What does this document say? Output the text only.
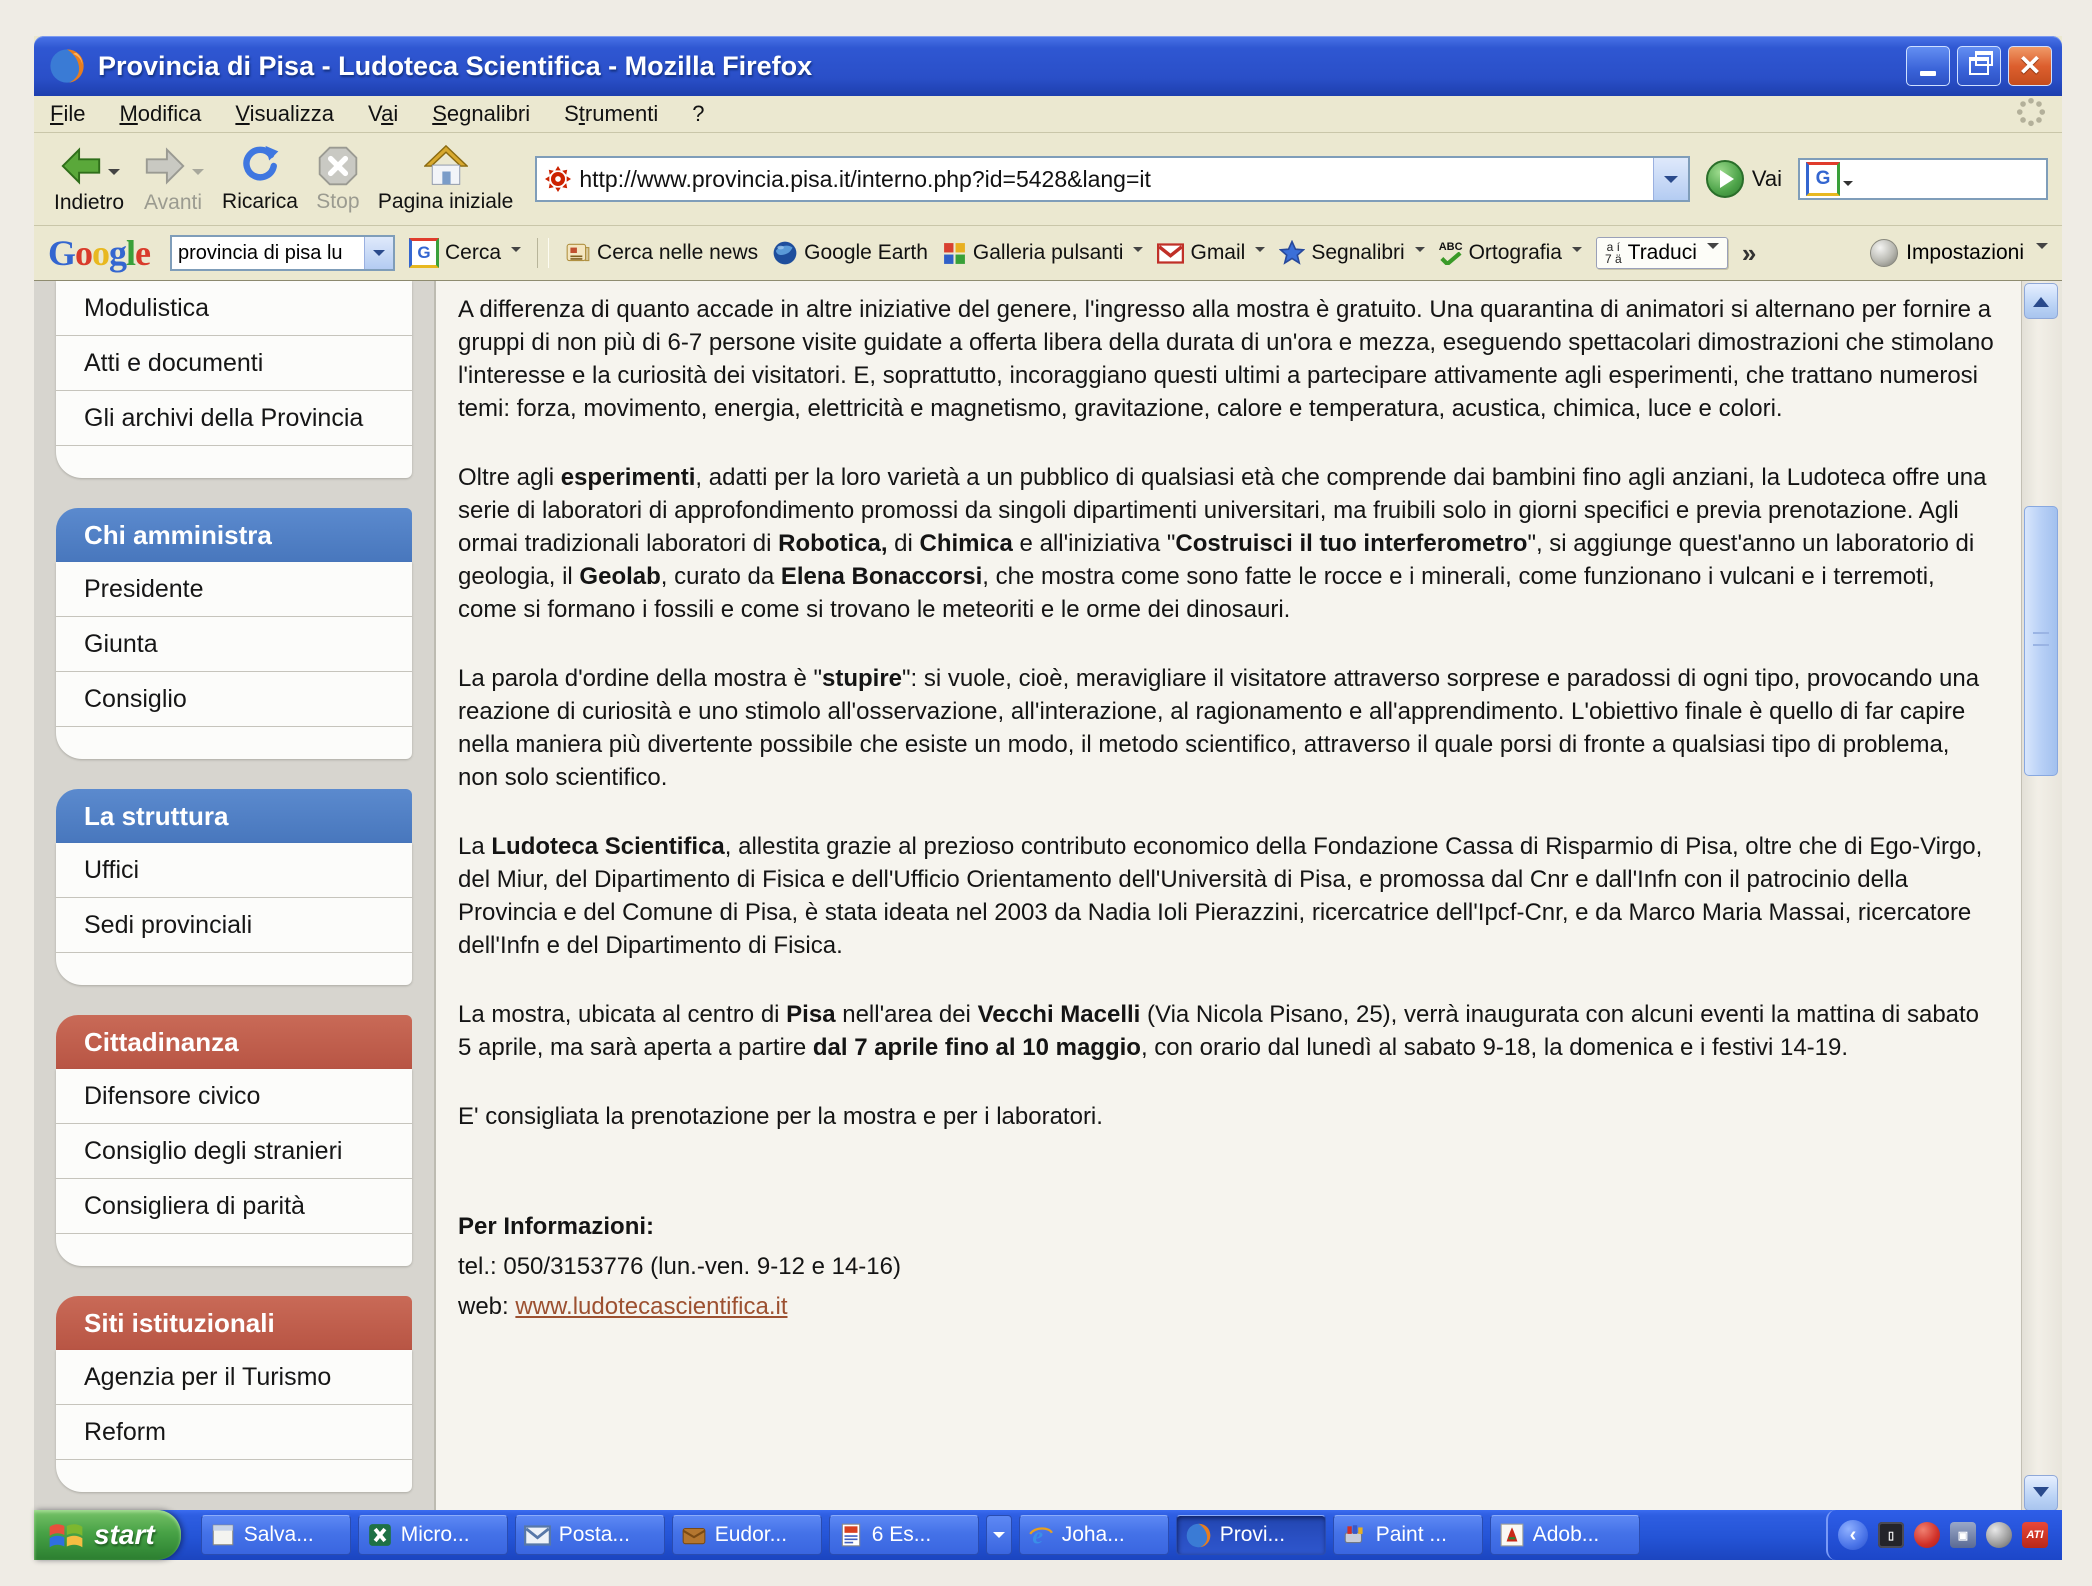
Provincia di Pisa - Ludoteca Scientifica - Mozilla Firefox	✕
File Modifica Visualizza Vai Segnalibri Strumenti ?
Indietro Avanti Ricarica Stop Pagina iniziale
http://www.provincia.pisa.it/interno.php?id=5428&lang=it	Vai	G
Google	provincia di pisa lu	G Cerca	Cerca nelle news Google Earth Galleria pulsanti	Gmail	Segnalibri	ABC Ortografia	a í
7 ä Traduci »	Impostazioni
Modulistica
Atti e documenti
Gli archivi della Provincia
Chi amministra
Presidente
Giunta
Consiglio
La struttura
Uffici
Sedi provinciali
Cittadinanza
Difensore civico
Consiglio degli stranieri
Consigliera di parità
Siti istituzionali
Agenzia per il Turismo
Reform

A differenza di quanto accade in altre iniziative del genere, l'ingresso alla mostra è gratuito. Una quarantina di animatori si alternano per fornire a gruppi di non più di 6-7 persone visite guidate a offerta libera della durata di un'ora e mezza, eseguendo spettacolari dimostrazioni che stimolano l'interesse e la curiosità dei visitatori. E, soprattutto, incoraggiano questi ultimi a partecipare attivamente agli esperimenti, che trattano numerosi temi: forza, movimento, energia, elettricità e magnetismo, gravitazione, calore e temperatura, acustica, chimica, luce e colori.

Oltre agli esperimenti, adatti per la loro varietà a un pubblico di qualsiasi età che comprende dai bambini fino agli anziani, la Ludoteca offre una serie di laboratori di approfondimento promossi da singoli dipartimenti universitari, ma fruibili solo in giorni specifici e previa prenotazione. Agli ormai tradizionali laboratori di Robotica, di Chimica e all'iniziativa "Costruisci il tuo interferometro", si aggiunge quest'anno un laboratorio di geologia, il Geolab, curato da Elena Bonaccorsi, che mostra come sono fatte le rocce e i minerali, come funzionano i vulcani e i terremoti, come si formano i fossili e come si trovano le meteoriti e le orme dei dinosauri.

La parola d'ordine della mostra è "stupire": si vuole, cioè, meravigliare il visitatore attraverso sorprese e paradossi di ogni tipo, provocando una reazione di curiosità e uno stimolo all'osservazione, all'interazione, al ragionamento e all'apprendimento. L'obiettivo finale è quello di far capire nella maniera più divertente possibile che esiste un modo, il metodo scientifico, attraverso il quale porsi di fronte a qualsiasi tipo di problema, non solo scientifico.

La Ludoteca Scientifica, allestita grazie al prezioso contributo economico della Fondazione Cassa di Risparmio di Pisa, oltre che di Ego-Virgo, del Miur, del Dipartimento di Fisica e dell'Ufficio Orientamento dell'Università di Pisa, e promossa dal Cnr e dall'Infn con il patrocinio della Provincia e del Comune di Pisa, è stata ideata nel 2003 da Nadia Ioli Pierazzini, ricercatrice dell'Ipcf-Cnr, e da Marco Maria Massai, ricercatore dell'Infn e del Dipartimento di Fisica.

La mostra, ubicata al centro di Pisa nell'area dei Vecchi Macelli (Via Nicola Pisano, 25), verrà inaugurata con alcuni eventi la mattina di sabato 5 aprile, ma sarà aperta a partire dal 7 aprile fino al 10 maggio, con orario dal lunedì al sabato 9-18, la domenica e i festivi 14-19.

E' consigliata la prenotazione per la mostra e per i laboratori.

Per Informazioni:

tel.: 050/3153776 (lun.-ven. 9-12 e 14-16)

web: www.ludotecascientifica.it

start	Salva...	Micro...	Posta...	Eudor...	6 Es...	e Joha...	Provi...	Paint ...	Adob...	‹	▯	▣	ATI
